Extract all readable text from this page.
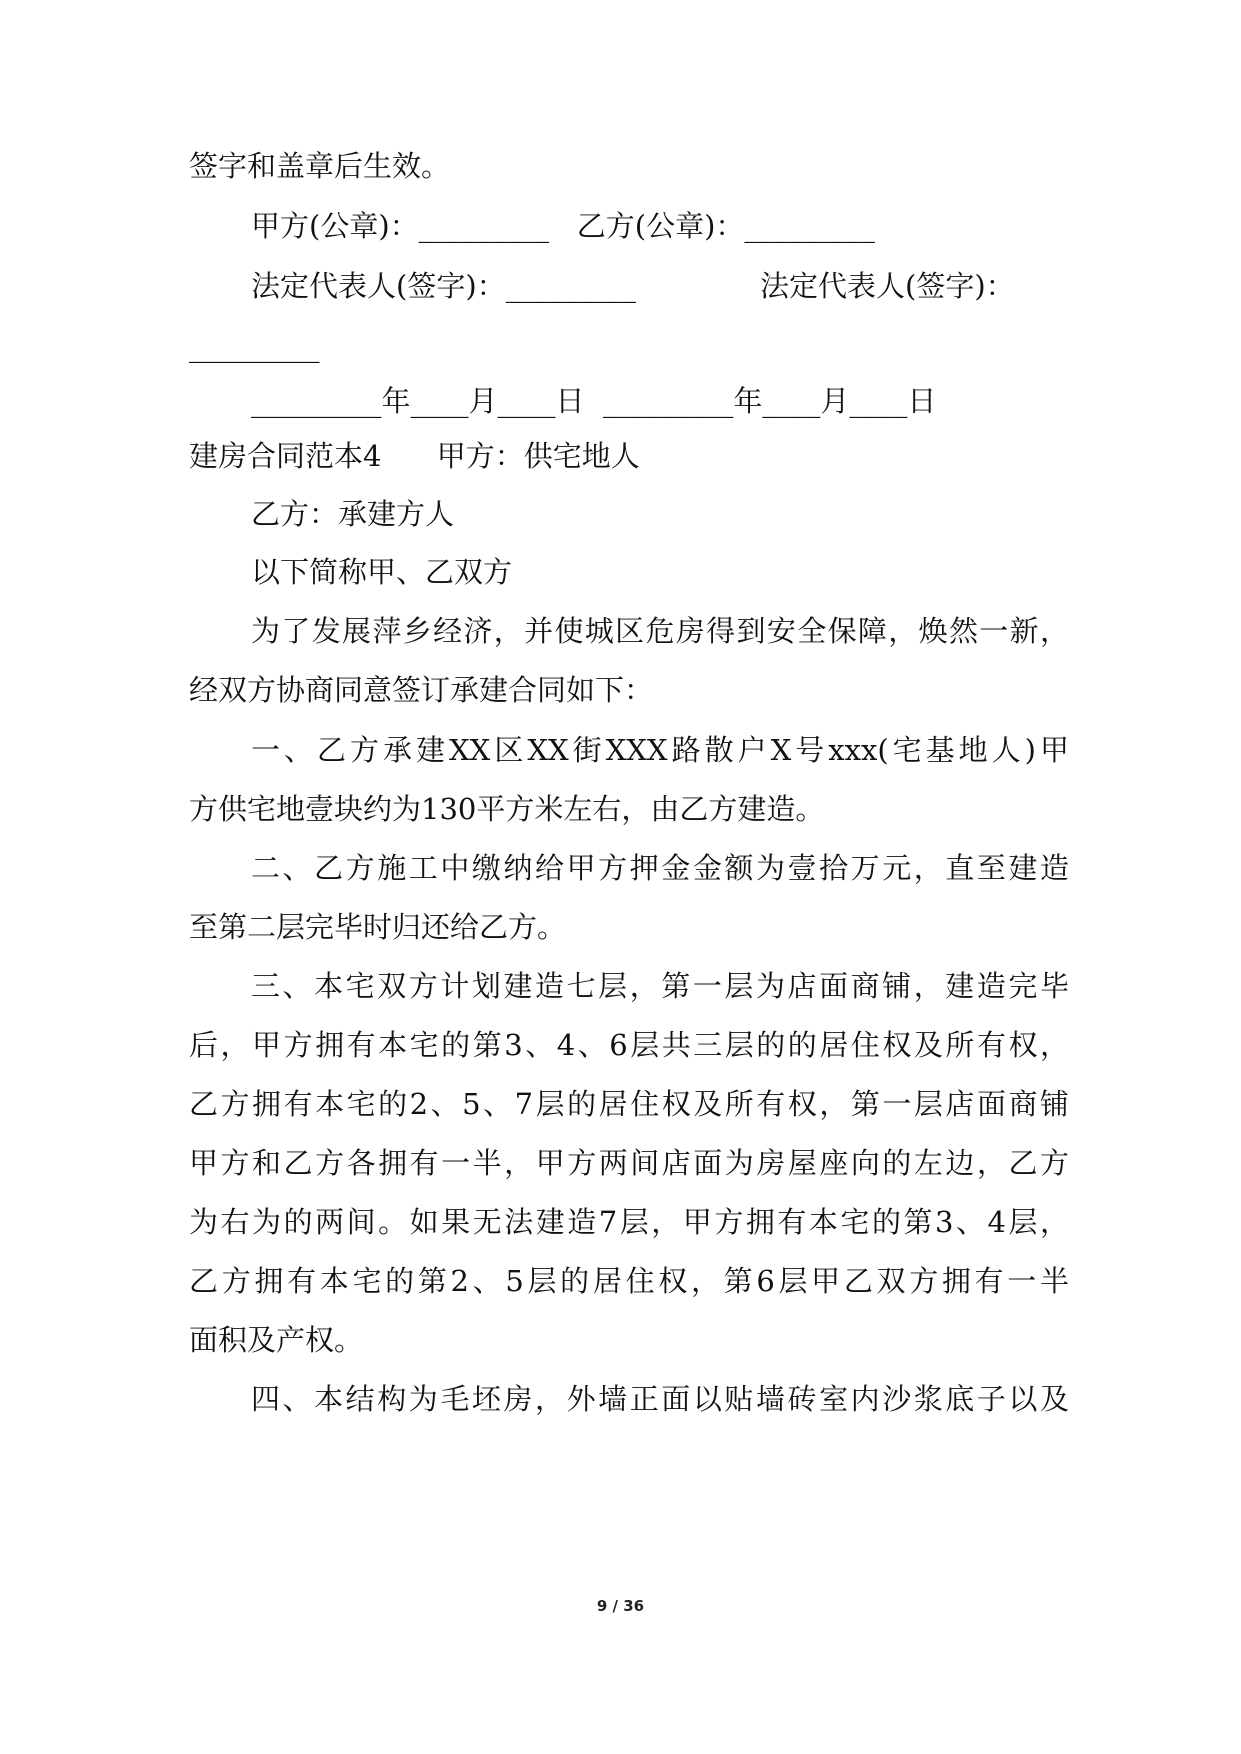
签字和盖章后生效。
甲方(公章)：_________   乙方(公章)：_________
法定代表人(签字)：_________	法定代表人(签字)：
_________
_________年____月____日  _________年____月____日
建房合同范本4      甲方：供宅地人
乙方：承建方人
以下简称甲、乙双方
为了发展萍乡经济，并使城区危房得到安全保障，焕然一新，
经双方协商同意签订承建合同如下：
一、乙方承建XX区XX街XXX路散户X号xxx(宅基地人)甲
方供宅地壹块约为130平方米左右，由乙方建造。
二、乙方施工中缴纳给甲方押金金额为壹拾万元，直至建造
至第二层完毕时归还给乙方。
三、本宅双方计划建造七层，第一层为店面商铺，建造完毕
后，甲方拥有本宅的第3、4、6层共三层的的居住权及所有权，
乙方拥有本宅的2、5、7层的居住权及所有权，第一层店面商铺
甲方和乙方各拥有一半，甲方两间店面为房屋座向的左边，乙方
为右为的两间。如果无法建造7层，甲方拥有本宅的第3、4层，
乙方拥有本宅的第2、5层的居住权，第6层甲乙双方拥有一半
面积及产权。
四、本结构为毛坯房，外墙正面以贴墙砖室内沙浆底子以及
9 / 36
